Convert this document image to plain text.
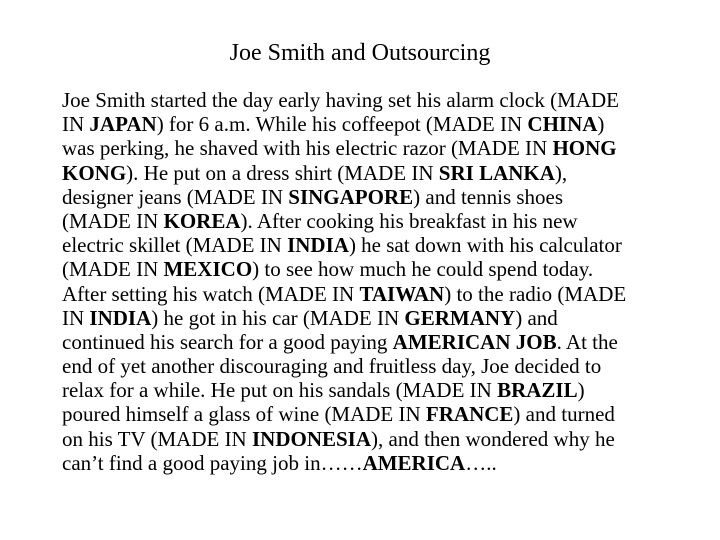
Joe Smith and Outsourcing
Joe Smith started the day early having set his alarm clock (MADE
IN JAPAN) for 6 a.m. While his coffeepot (MADE IN CHINA)
was perking, he shaved with his electric razor (MADE IN HONG
KONG). He put on a dress shirt (MADE IN SRI LANKA),
designer jeans (MADE IN SINGAPORE) and tennis shoes
(MADE IN KOREA). After cooking his breakfast in his new
electric skillet (MADE IN INDIA) he sat down with his calculator
(MADE IN MEXICO) to see how much he could spend today.
After setting his watch (MADE IN TAIWAN) to the radio (MADE
IN INDIA) he got in his car (MADE IN GERMANY) and
continued his search for a good paying AMERICAN JOB. At the
end of yet another discouraging and fruitless day, Joe decided to
relax for a while. He put on his sandals (MADE IN BRAZIL)
poured himself a glass of wine (MADE IN FRANCE) and turned
on his TV (MADE IN INDONESIA), and then wondered why he
can’t find a good paying job in……AMERICA…..
